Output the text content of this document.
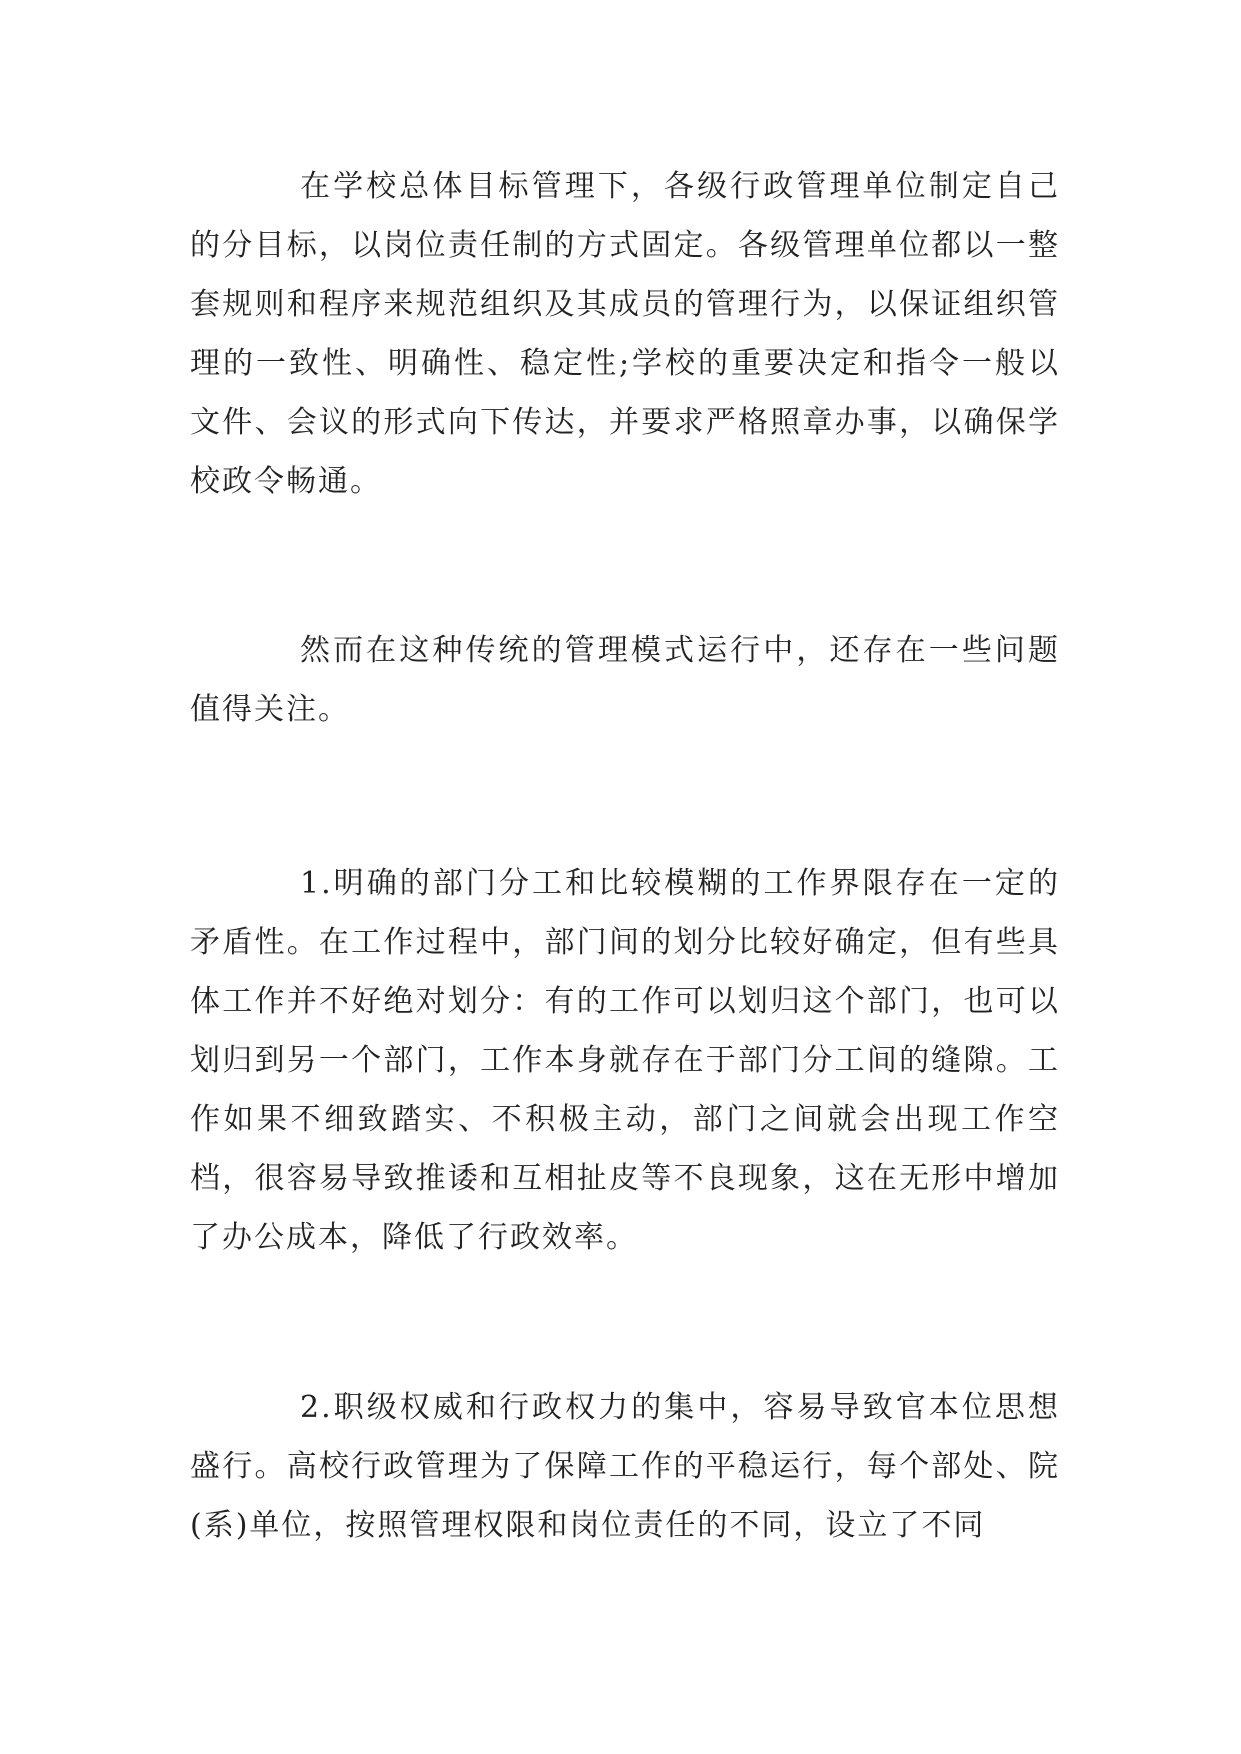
在学校总体目标管理下，各级行政管理单位制定自己的分目标，以岗位责任制的方式固定。各级管理单位都以一整套规则和程序来规范组织及其成员的管理行为，以保证组织管理的一致性、明确性、稳定性;学校的重要决定和指令一般以文件、会议的形式向下传达，并要求严格照章办事，以确保学校政令畅通。

然而在这种传统的管理模式运行中，还存在一些问题值得关注。

1.明确的部门分工和比较模糊的工作界限存在一定的矛盾性。在工作过程中，部门间的划分比较好确定，但有些具体工作并不好绝对划分：有的工作可以划归这个部门，也可以划归到另一个部门，工作本身就存在于部门分工间的缝隙。工作如果不细致踏实、不积极主动，部门之间就会出现工作空档，很容易导致推诿和互相扯皮等不良现象，这在无形中增加了办公成本，降低了行政效率。

2.职级权威和行政权力的集中，容易导致官本位思想盛行。高校行政管理为了保障工作的平稳运行，每个部处、院(系)单位，按照管理权限和岗位责任的不同，设立了不同
